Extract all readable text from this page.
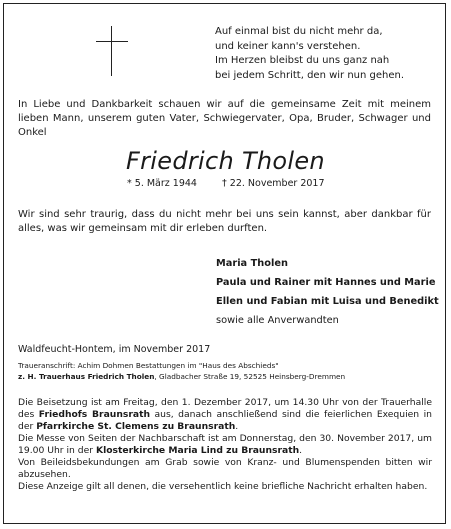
Auf einmal bist du nicht mehr da,
und keiner kann's verstehen.
Im Herzen bleibst du uns ganz nah
bei jedem Schritt, den wir nun gehen.
In Liebe und Dankbarkeit schauen wir auf die gemeinsame Zeit mit meinem lieben Mann, unserem guten Vater, Schwiegervater, Opa, Bruder, Schwager und Onkel
Friedrich Tholen
* 5. März 1944	† 22. November 2017
Wir sind sehr traurig, dass du nicht mehr bei uns sein kannst, aber dankbar für alles, was wir gemeinsam mit dir erleben durften.
Maria Tholen
Paula und Rainer mit Hannes und Marie
Ellen und Fabian mit Luisa und Benedikt
sowie alle Anverwandten
Waldfeucht-Hontem, im November 2017
Traueranschrift: Achim Dohmen Bestattungen im "Haus des Abschieds"
z. H. Trauerhaus Friedrich Tholen, Gladbacher Straße 19, 52525 Heinsberg-Dremmen

Die Beisetzung ist am Freitag, den 1. Dezember 2017, um 14.30 Uhr von der Trauerhalle des Friedhofs Braunsrath aus, danach anschließend sind die feierlichen Exequien in der Pfarrkirche St. Clemens zu Braunsrath.

Die Messe von Seiten der Nachbarschaft ist am Donnerstag, den 30. November 2017, um 19.00 Uhr in der Klosterkirche Maria Lind zu Braunsrath.

Von Beileidsbekundungen am Grab sowie von Kranz- und Blumenspenden bitten wir abzusehen.

Diese Anzeige gilt all denen, die versehentlich keine briefliche Nachricht erhalten haben.
